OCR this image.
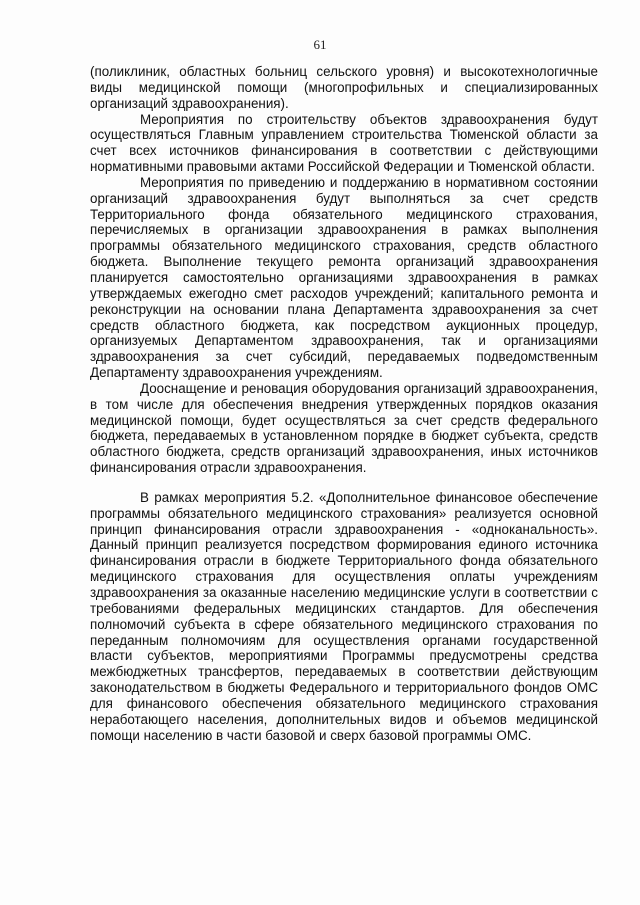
61

(поликлиник, областных больниц сельского уровня) и высокотехнологичные виды медицинской помощи (многопрофильных и специализированных организаций здравоохранения).

Мероприятия по строительству объектов здравоохранения будут осуществляться Главным управлением строительства Тюменской области за счет всех источников финансирования в соответствии с действующими нормативными правовыми актами Российской Федерации и Тюменской области.

Мероприятия по приведению и поддержанию в нормативном состоянии организаций здравоохранения будут выполняться за счет средств Территориального фонда обязательного медицинского страхования, перечисляемых в организации здравоохранения в рамках выполнения программы обязательного медицинского страхования, средств областного бюджета. Выполнение текущего ремонта организаций здравоохранения планируется самостоятельно организациями здравоохранения в рамках утверждаемых ежегодно смет расходов учреждений; капитального ремонта и реконструкции на основании плана Департамента здравоохранения за счет средств областного бюджета, как посредством аукционных процедур, организуемых Департаментом здравоохранения, так и организациями здравоохранения за счет субсидий, передаваемых подведомственным Департаменту здравоохранения учреждениям.

Дооснащение и реновация оборудования организаций здравоохранения, в том числе для обеспечения внедрения утвержденных порядков оказания медицинской помощи, будет осуществляться за счет средств федерального бюджета, передаваемых в установленном порядке в бюджет субъекта, средств областного бюджета, средств организаций здравоохранения, иных источников финансирования отрасли здравоохранения.

В рамках мероприятия 5.2. «Дополнительное финансовое обеспечение программы обязательного медицинского страхования» реализуется основной принцип финансирования отрасли здравоохранения - «одноканальность». Данный принцип реализуется посредством формирования единого источника финансирования отрасли в бюджете Территориального фонда обязательного медицинского страхования для осуществления оплаты учреждениям здравоохранения за оказанные населению медицинские услуги в соответствии с требованиями федеральных медицинских стандартов. Для обеспечения полномочий субъекта в сфере обязательного медицинского страхования по переданным полномочиям для осуществления органами государственной власти субъектов, мероприятиями Программы предусмотрены средства межбюджетных трансфертов, передаваемых в соответствии действующим законодательством в бюджеты Федерального и территориального фондов ОМС для финансового обеспечения обязательного медицинского страхования неработающего населения, дополнительных видов и объемов медицинской помощи населению в части базовой и сверх базовой программы ОМС.
